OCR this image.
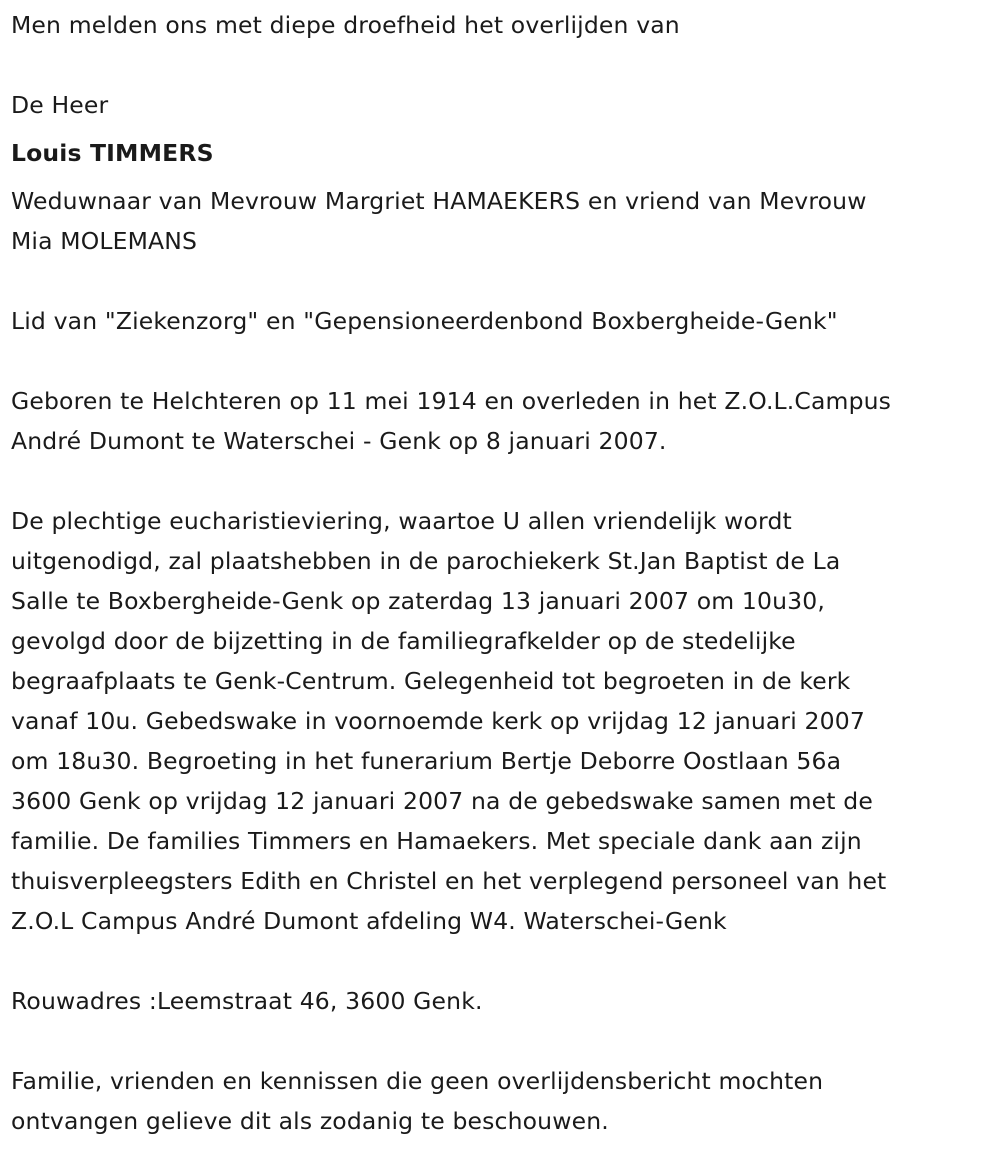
Men melden ons met diepe droefheid het overlijden van
De Heer
Louis TIMMERS
Weduwnaar van Mevrouw Margriet HAMAEKERS en vriend van Mevrouw
Mia MOLEMANS
Lid van "Ziekenzorg" en "Gepensioneerdenbond Boxbergheide-Genk"
Geboren te Helchteren op 11 mei 1914 en overleden in het Z.O.L.Campus
André Dumont te Waterschei - Genk op 8 januari 2007.
De plechtige eucharistieviering, waartoe U allen vriendelijk wordt
uitgenodigd, zal plaatshebben in de parochiekerk St.Jan Baptist de La
Salle te Boxbergheide-Genk op zaterdag 13 januari 2007 om 10u30,
gevolgd door de bijzetting in de familiegrafkelder op de stedelijke
begraafplaats te Genk-Centrum. Gelegenheid tot begroeten in de kerk
vanaf 10u. Gebedswake in voornoemde kerk op vrijdag 12 januari 2007
om 18u30. Begroeting in het funerarium Bertje Deborre Oostlaan 56a
3600 Genk op vrijdag 12 januari 2007 na de gebedswake samen met de
familie. De families Timmers en Hamaekers. Met speciale dank aan zijn
thuisverpleegsters Edith en Christel en het verplegend personeel van het
Z.O.L Campus André Dumont afdeling W4. Waterschei-Genk
Rouwadres :Leemstraat 46, 3600 Genk.
Familie, vrienden en kennissen die geen overlijdensbericht mochten
ontvangen gelieve dit als zodanig te beschouwen.
